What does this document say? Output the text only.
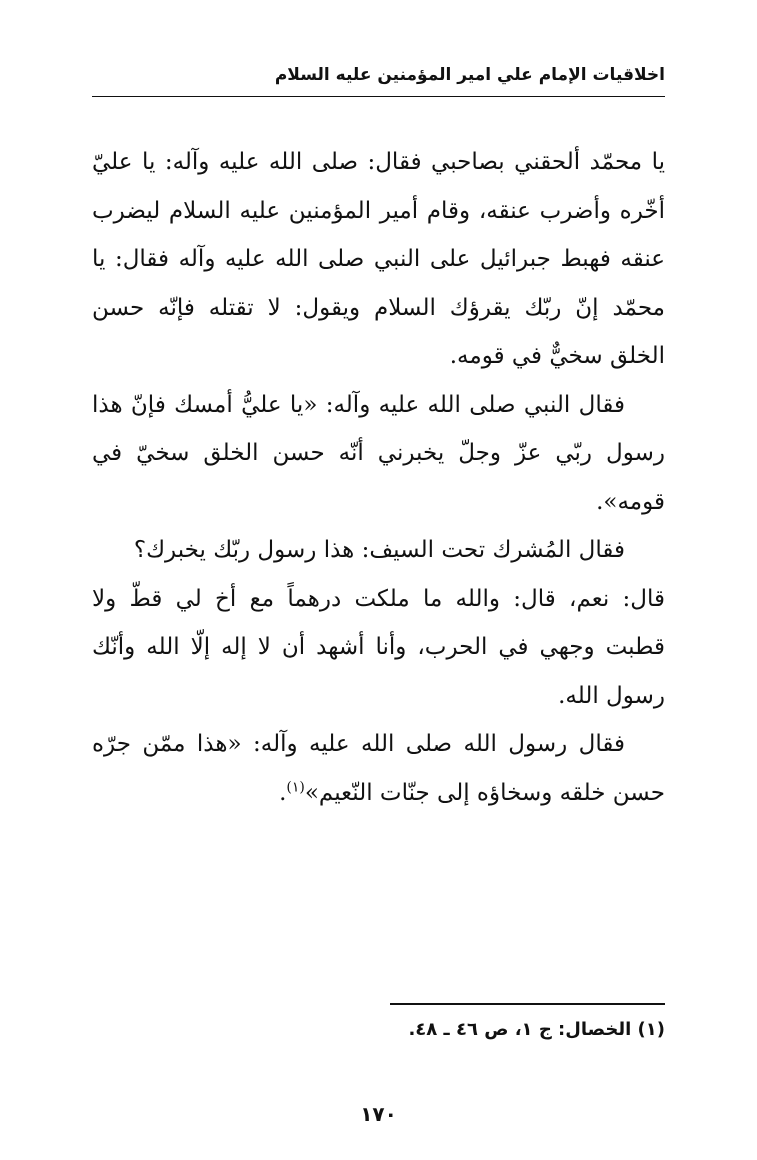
اخلاقيات الإمام علي امير المؤمنين عليه السلام

يا محمّد ألحقني بصاحبي فقال: صلى الله عليه وآله: يا عليّ أخّره وأضرب عنقه، وقام أمير المؤمنين عليه السلام ليضرب عنقه فهبط جبرائيل على النبي صلى الله عليه وآله فقال: يا محمّد إنّ ربّك يقرؤك السلام ويقول: لا تقتله فإنّه حسن الخلق سخيٌّ في قومه.

فقال النبي صلى الله عليه وآله: «يا عليُّ أمسك فإنّ هذا رسول ربّي عزّ وجلّ يخبرني أنّه حسن الخلق سخيّ في قومه».

فقال المُشرك تحت السيف: هذا رسول ربّك يخبرك؟

قال: نعم، قال: والله ما ملكت درهماً مع أخ لي قطّ ولا قطبت وجهي في الحرب، وأنا أشهد أن لا إله إلّا الله وأنّك رسول الله.

فقال رسول الله صلى الله عليه وآله: «هذا ممّن جرّه حسن خلقه وسخاؤه إلى جنّات النّعيم»$^{(١)}$.

(١) الخصال: ج ١، ص ٤٦ ـ ٤٨.
١٧٠
